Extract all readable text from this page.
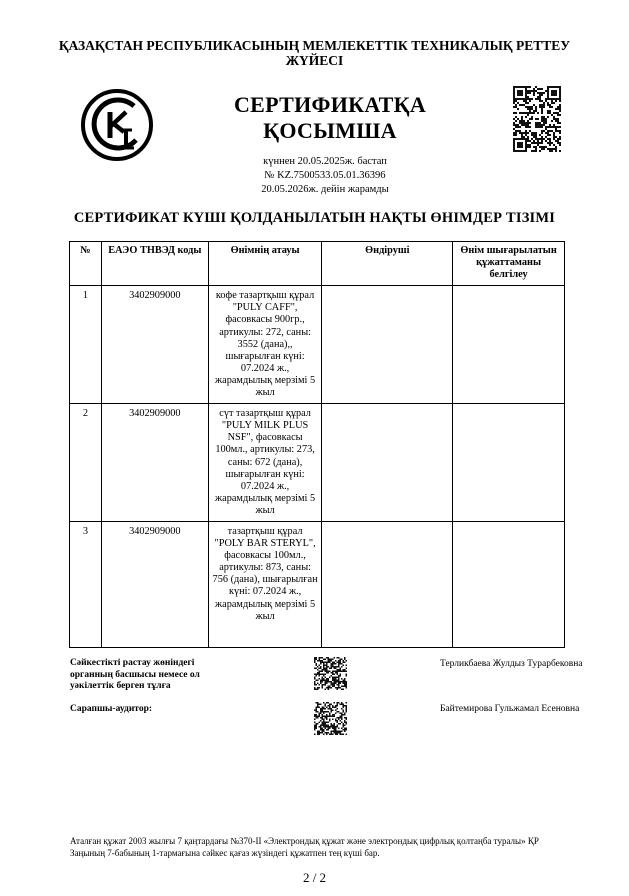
ҚАЗАҚСТАН РЕСПУБЛИКАСЫНЫҢ МЕМЛЕКЕТТІК ТЕХНИКАЛЫҚ РЕТТЕУ ЖҮЙЕСІ
СЕРТИФИКАТҚА ҚОСЫМША
күннен 20.05.2025ж. бастап
№ KZ.7500533.05.01.36396
20.05.2026ж. дейін жарамды
СЕРТИФИКАТ КҮШІ ҚОЛДАНЫЛАТЫН НАҚТЫ ӨНІМДЕР ТІЗІМІ
№	ЕАЭО ТНВЭД коды	Өнімнің атауы	Өндіруші	Өнім шығарылатын құжаттаманы белгілеу
1	3402909000	кофе тазартқыш құрал "PULY CAFF", фасовкасы 900гр., артикулы: 272, саны: 3552 (дана),, шығарылған күні: 07.2024 ж., жарамдылық мерзімі 5 жыл		
2	3402909000	сүт тазартқыш құрал "PULY MILK PLUS NSF", фасовкасы 100мл., артикулы: 273, саны: 672 (дана), шығарылған күні: 07.2024 ж., жарамдылық мерзімі 5 жыл		
3	3402909000	тазартқыш құрал "POLY BAR STERYL", фасовкасы 100мл., артикулы: 873, саны: 756 (дана), шығарылған күні: 07.2024 ж., жарамдылық мерзімі 5 жыл		
Сәйкестікті растау жөніндегі органның басшысы немесе ол уәкілеттік берген тұлға
Терликбаева Жулдыз Турарбековна
Сарапшы-аудитор:	Байтемирова Гульжамал Есеновна
Аталған құжат 2003 жылғы 7 қаңтардағы №370-II «Электрондық құжат және электрондық цифрлық қолтаңба туралы» ҚР Заңының 7-бабының 1-тармағына сәйкес қағаз жүзіндегі құжатпен тең күші бар.
2 / 2
